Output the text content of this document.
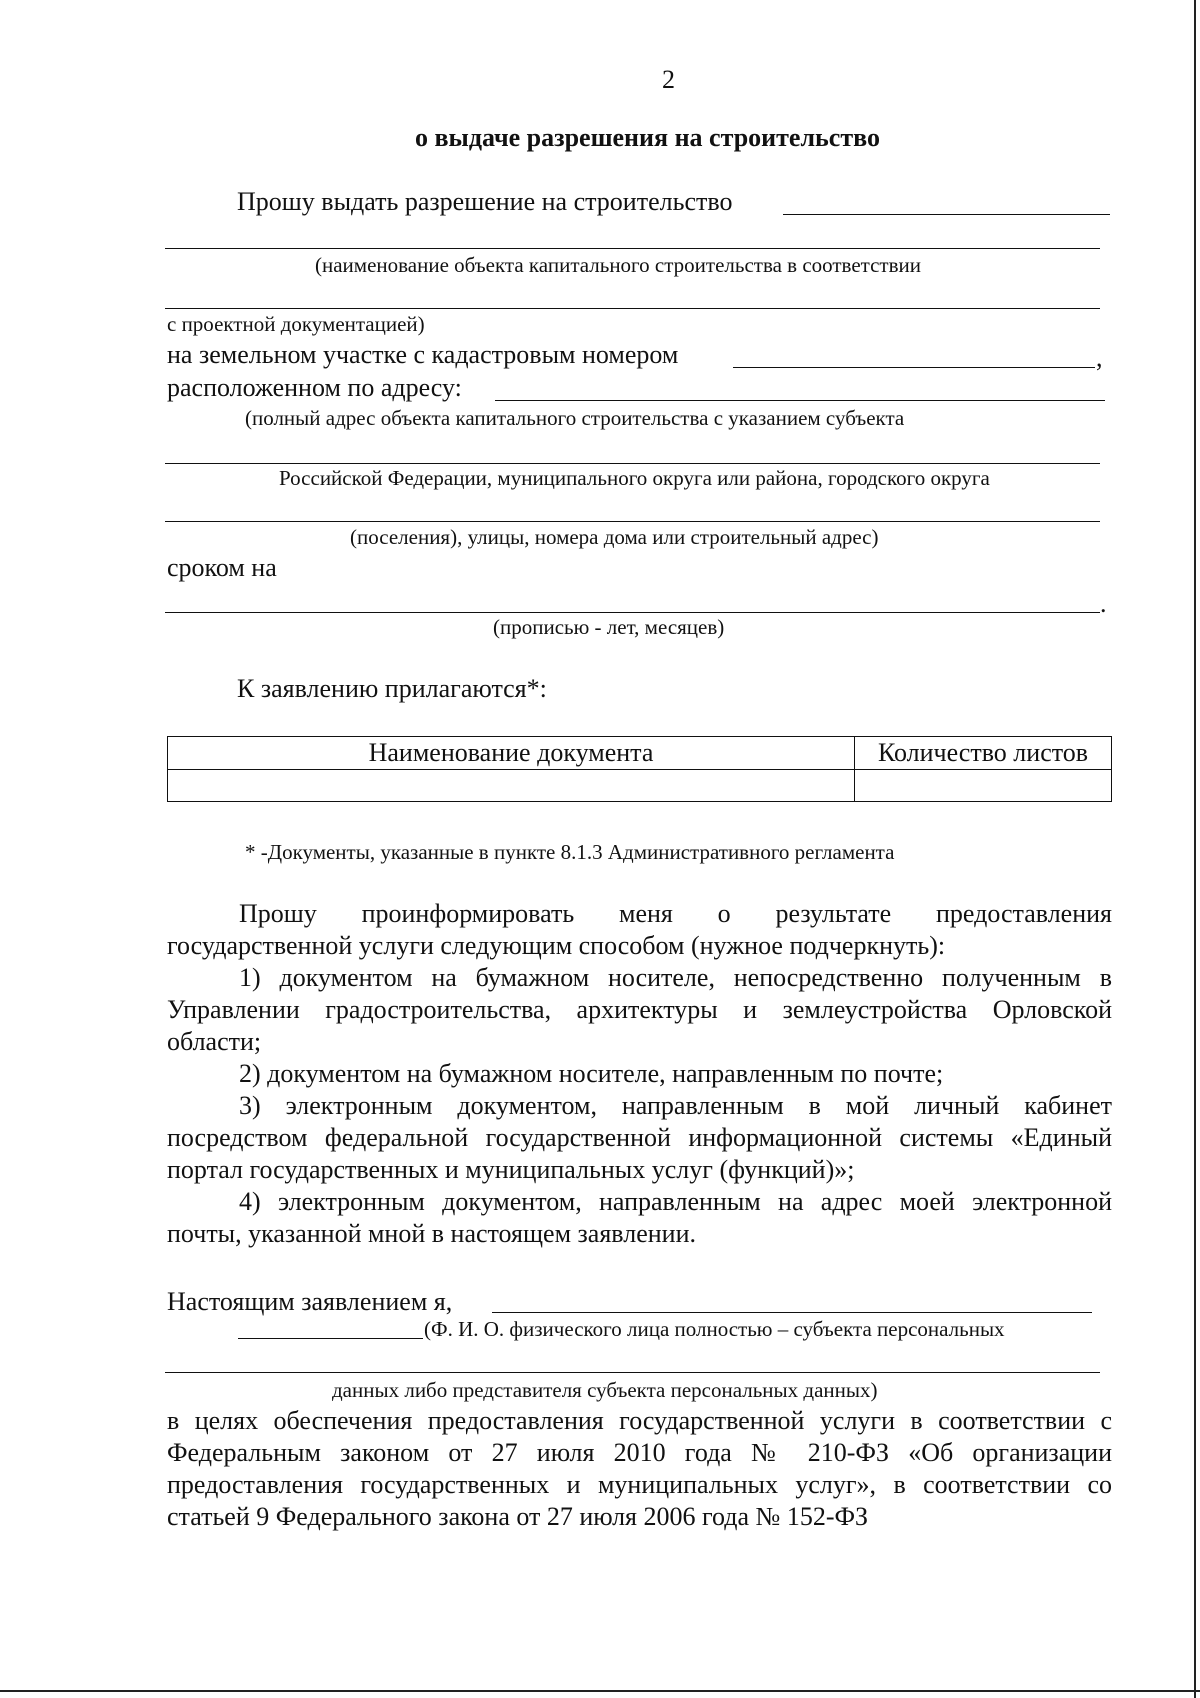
2
о выдаче разрешения на строительство
Прошу выдать разрешение на строительство
(наименование объекта капитального строительства в соответствии
с проектной документацией)
на земельном участке с кадастровым номером	,
расположенном по адресу:
(полный адрес объекта капитального строительства с указанием субъекта
Российской Федерации, муниципального округа или района, городского округа
(поселения), улицы, номера дома или строительный адрес)
сроком на
.
(прописью - лет, месяцев)
К заявлению прилагаются*:
Наименование документа	Количество листов

* -Документы, указанные в пункте 8.1.3 Административного регламента

Прошу проинформировать меня о результате предоставления государственной услуги следующим способом (нужное подчеркнуть):

1) документом на бумажном носителе, непосредственно полученным в Управлении градостроительства, архитектуры и землеустройства Орловской области;

2) документом на бумажном носителе, направленным по почте;

3) электронным документом, направленным в мой личный кабинет посредством федеральной государственной информационной системы «Единый портал государственных и муниципальных услуг (функций)»;

4) электронным документом, направленным на адрес моей электронной почты, указанной мной в настоящем заявлении.

Настоящим заявлением я,
(Ф. И. О. физического лица полностью – субъекта персональных
данных либо представителя субъекта персональных данных)
в целях обеспечения предоставления государственной услуги в соответствии с Федеральным законом от 27 июля 2010 года № 210-ФЗ «Об организации предоставления государственных и муниципальных услуг», в соответствии со статьей 9 Федерального закона от 27 июля 2006 года № 152-ФЗ
